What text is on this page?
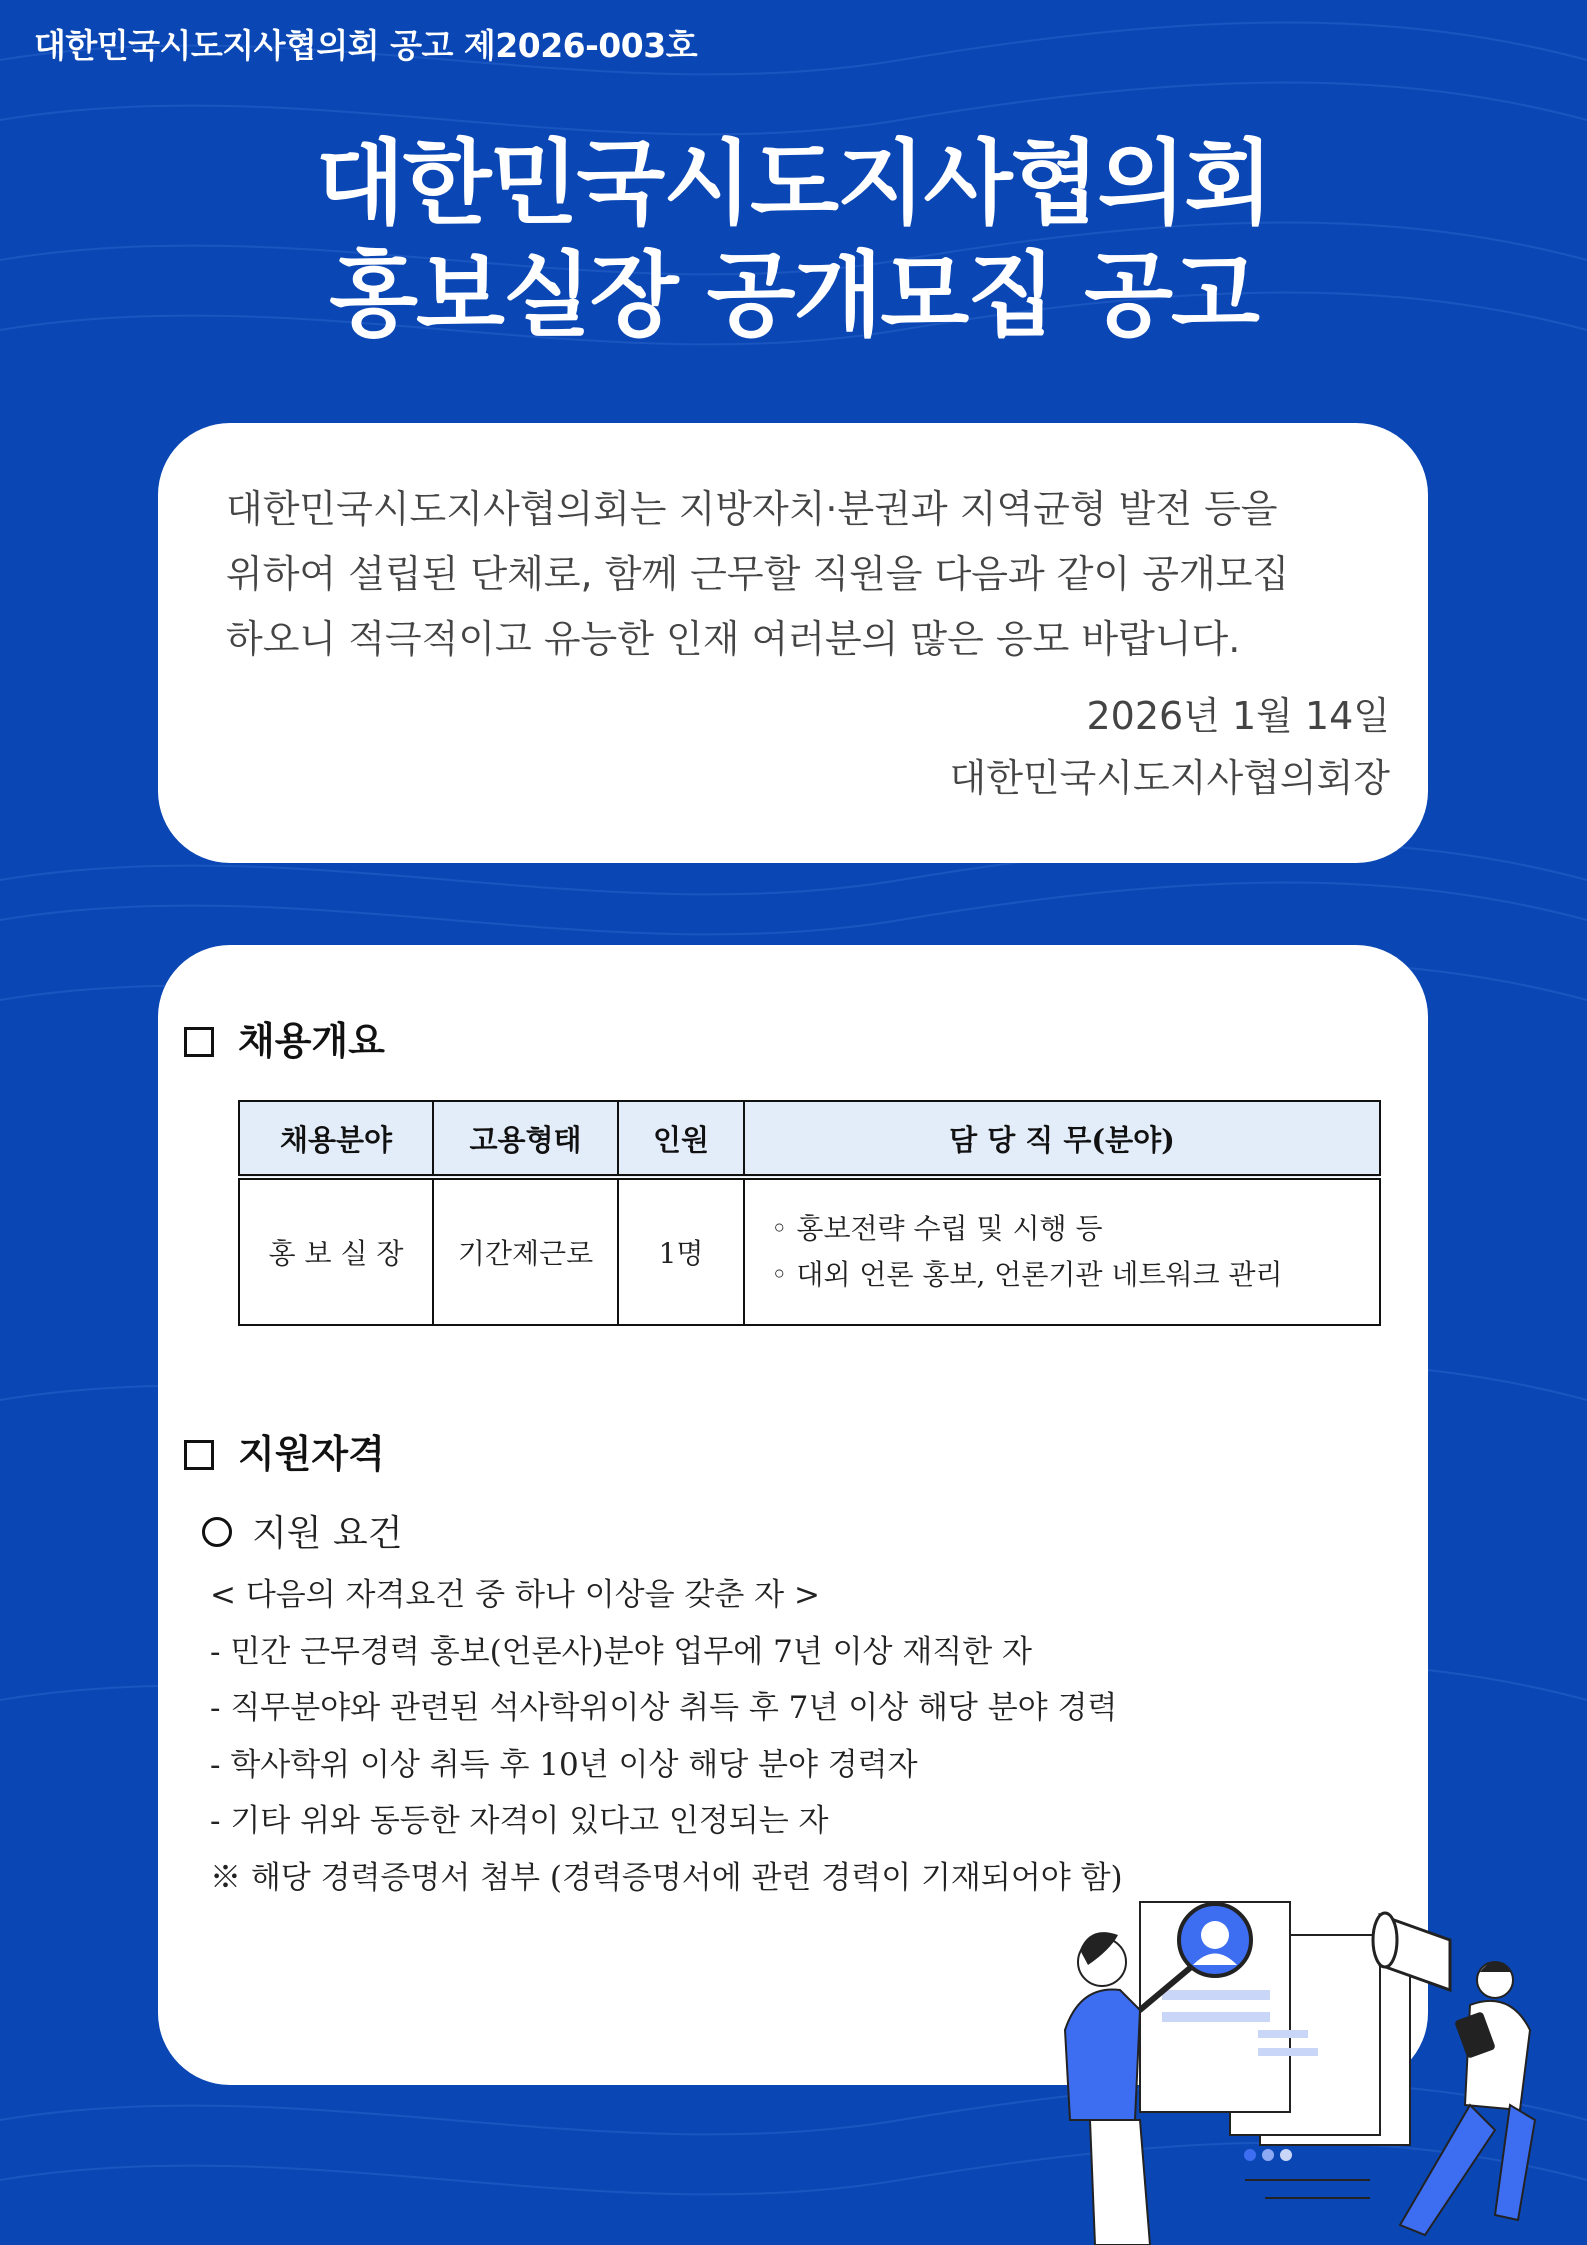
대한민국시도지사협의회 공고 제2026-003호
대한민국시도지사협의회
홍보실장 공개모집 공고
대한민국시도지사협의회는 지방자치·분권과 지역균형 발전 등을
위하여 설립된 단체로, 함께 근무할 직원을 다음과 같이 공개모집
하오니 적극적이고 유능한 인재 여러분의 많은 응모 바랍니다.
2026년 1월 14일
대한민국시도지사협의회장
채용개요
채용분야	고용형태	인원	담 당 직 무(분야)
홍 보 실 장	기간제근로	1명	◦ 홍보전략 수립 및 시행 등
◦ 대외 언론 홍보, 언론기관 네트워크 관리
지원자격
지원 요건
< 다음의 자격요건 중 하나 이상을 갖춘 자 >
- 민간 근무경력 홍보(언론사)분야 업무에 7년 이상 재직한 자
- 직무분야와 관련된 석사학위이상 취득 후 7년 이상 해당 분야 경력
- 학사학위 이상 취득 후 10년 이상 해당 분야 경력자
- 기타 위와 동등한 자격이 있다고 인정되는 자
※ 해당 경력증명서 첨부 (경력증명서에 관련 경력이 기재되어야 함)
